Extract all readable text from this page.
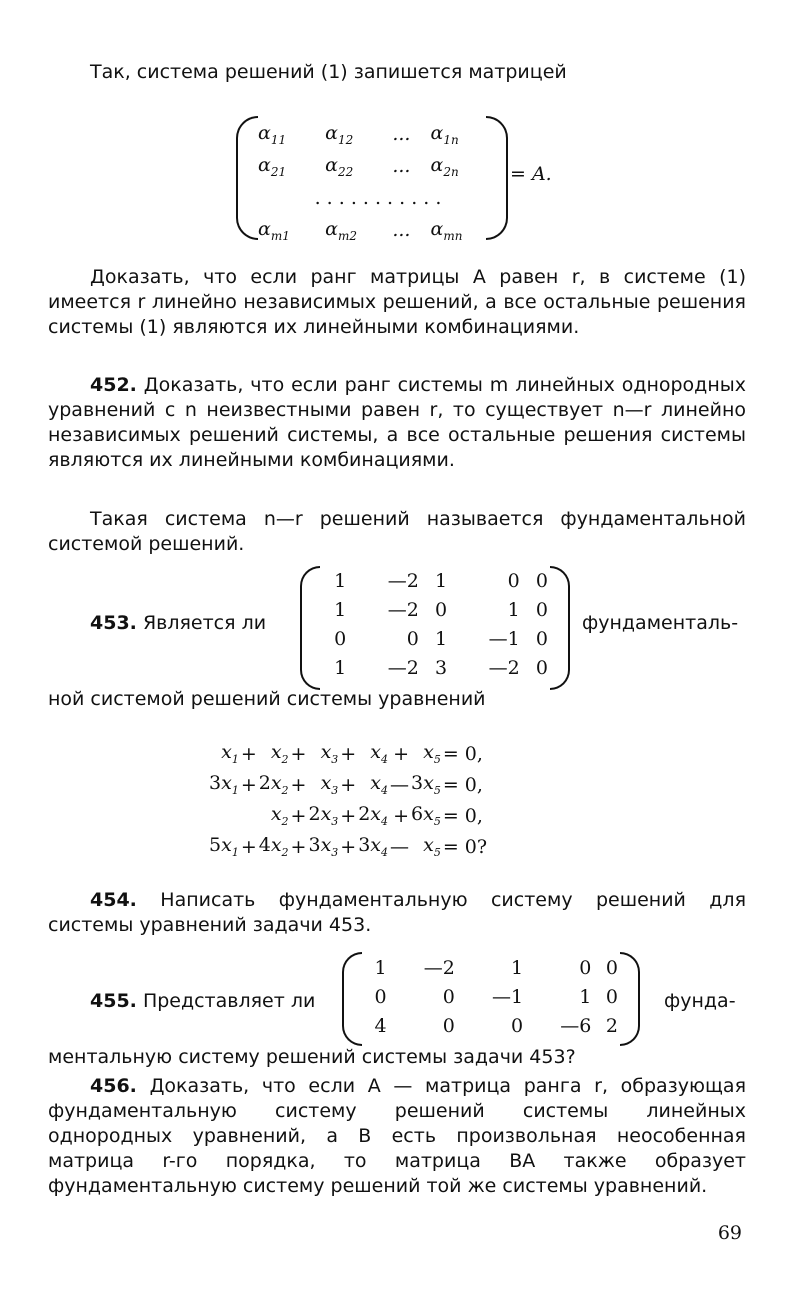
Так, система решений (1) запишется матрицей

$\alpha_{11}$	$\alpha_{12}$	...	$\alpha_{1n}$
$\alpha_{21}$	$\alpha_{22}$	...	$\alpha_{2n}$
. . . . . . . . . . .			
$\alpha_{m1}$	$\alpha_{m2}$	...	$\alpha_{mn}$
= A.

Доказать, что если ранг матрицы A равен r, в системе (1) имеется r линейно независимых решений, а все остальные решения системы (1) являются их линейными комбинациями.

452. Доказать, что если ранг системы m линейных однородных уравнений с n неизвестными равен r, то существует n—r линейно независимых решений системы, а все остальные решения системы являются их линейными комбинациями.

Такая система n—r решений называется фундаментальной системой решений.

453. Является ли
1	—2	1	0	0
1	—2	0	1	0
0	0	1	—1	0
1	—2	3	—2	0
фундаменталь-
ной системой решений системы уравнений
$x_1$	+	$x_2$	+	$x_3$	+	$x_4$	+	$x_5$	= 0,
$3x_1$	+	$2x_2$	+	$x_3$	+	$x_4$	—	$3x_5$	= 0,
		$x_2$	+	$2x_3$	+	$2x_4$	+	$6x_5$	= 0,
$5x_1$	+	$4x_2$	+	$3x_3$	+	$3x_4$	—	$x_5$	= 0?

454. Написать фундаментальную систему решений для системы уравнений задачи 453.

455. Представляет ли
1	—2	1	0	0
0	0	—1	1	0
4	0	0	—6	2
фунда-
ментальную систему решений системы задачи 453?

456. Доказать, что если A — матрица ранга r, образующая фундаментальную систему решений системы линейных однородных уравнений, а B есть произвольная неособенная матрица r-го порядка, то матрица BA также образует фундаментальную систему решений той же системы уравнений.

69
